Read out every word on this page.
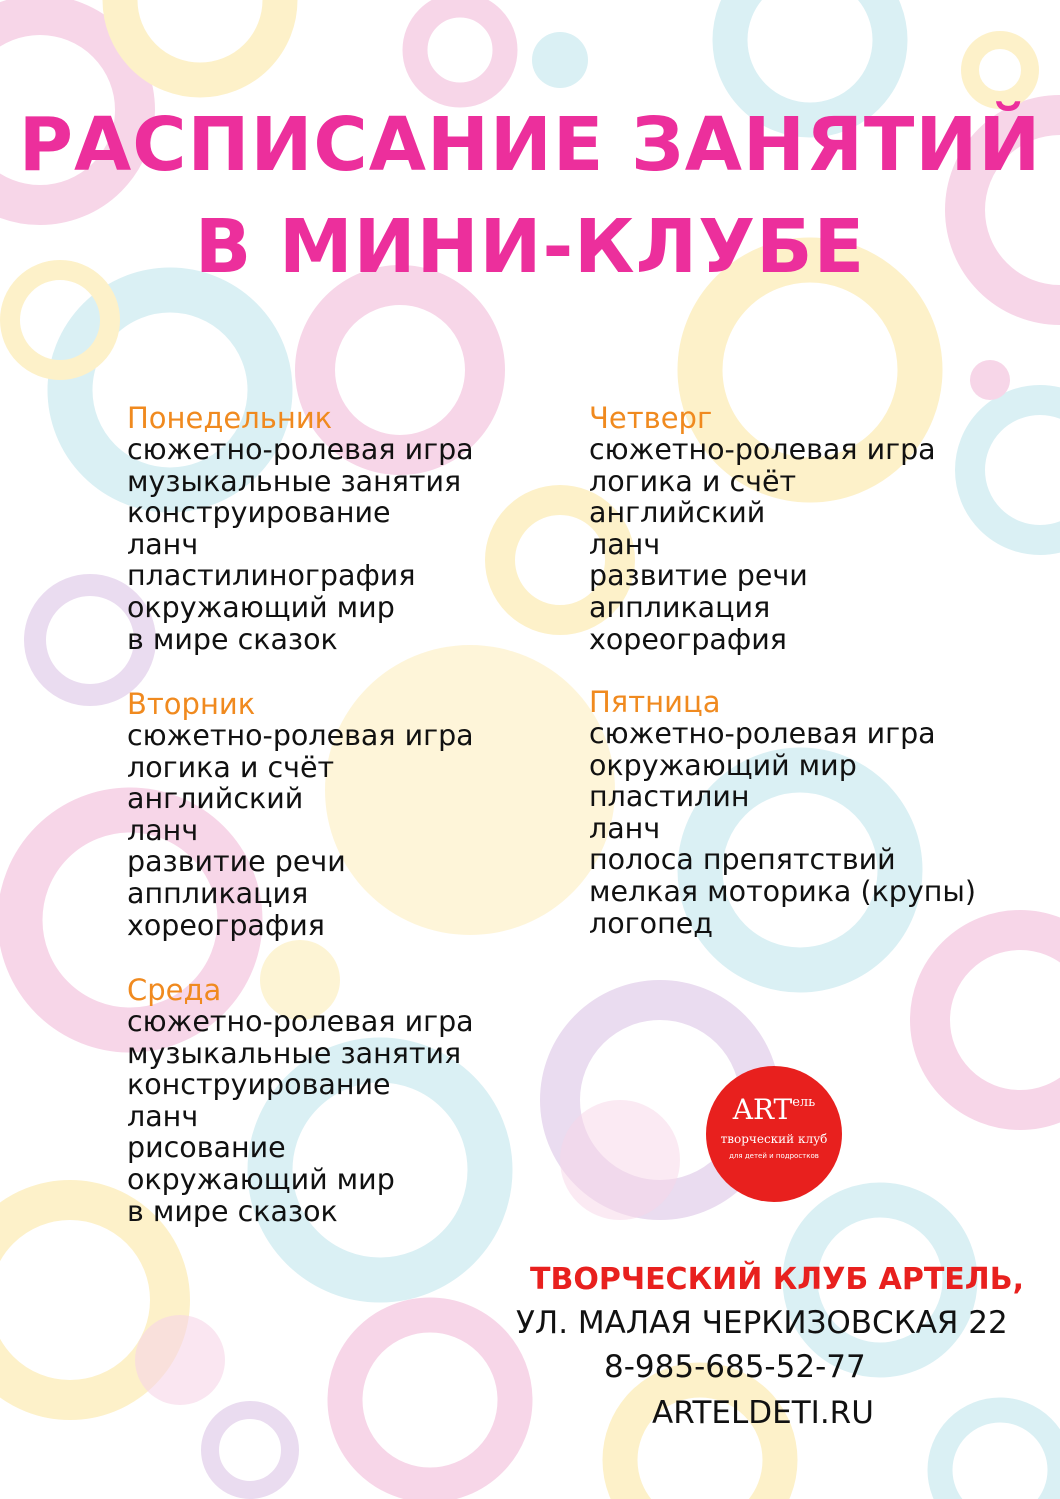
РАСПИСАНИЕ ЗАНЯТИЙ
В МИНИ-КЛУБЕ
Понедельник
сюжетно-ролевая игра
музыкальные занятия
конструирование
ланч
пластилинография
окружающий мир
в мире сказок
Вторник
сюжетно-ролевая игра
логика и счёт
английский
ланч
развитие речи
аппликация
хореография
Среда
сюжетно-ролевая игра
музыкальные занятия
конструирование
ланч
рисование
окружающий мир
в мире сказок
Четверг
сюжетно-ролевая игра
логика и счёт
английский
ланч
развитие речи
аппликация
хореография
Пятница
сюжетно-ролевая игра
окружающий мир
пластилин
ланч
полоса препятствий
мелкая моторика (крупы)
логопед
$ART^{ель}$
творческий клуб
для детей и подростков
ТВОРЧЕСКИЙ КЛУБ АРТЕЛЬ,
УЛ. МАЛАЯ ЧЕРКИЗОВСКАЯ 22
8-985-685-52-77
ARTELDETI.RU
